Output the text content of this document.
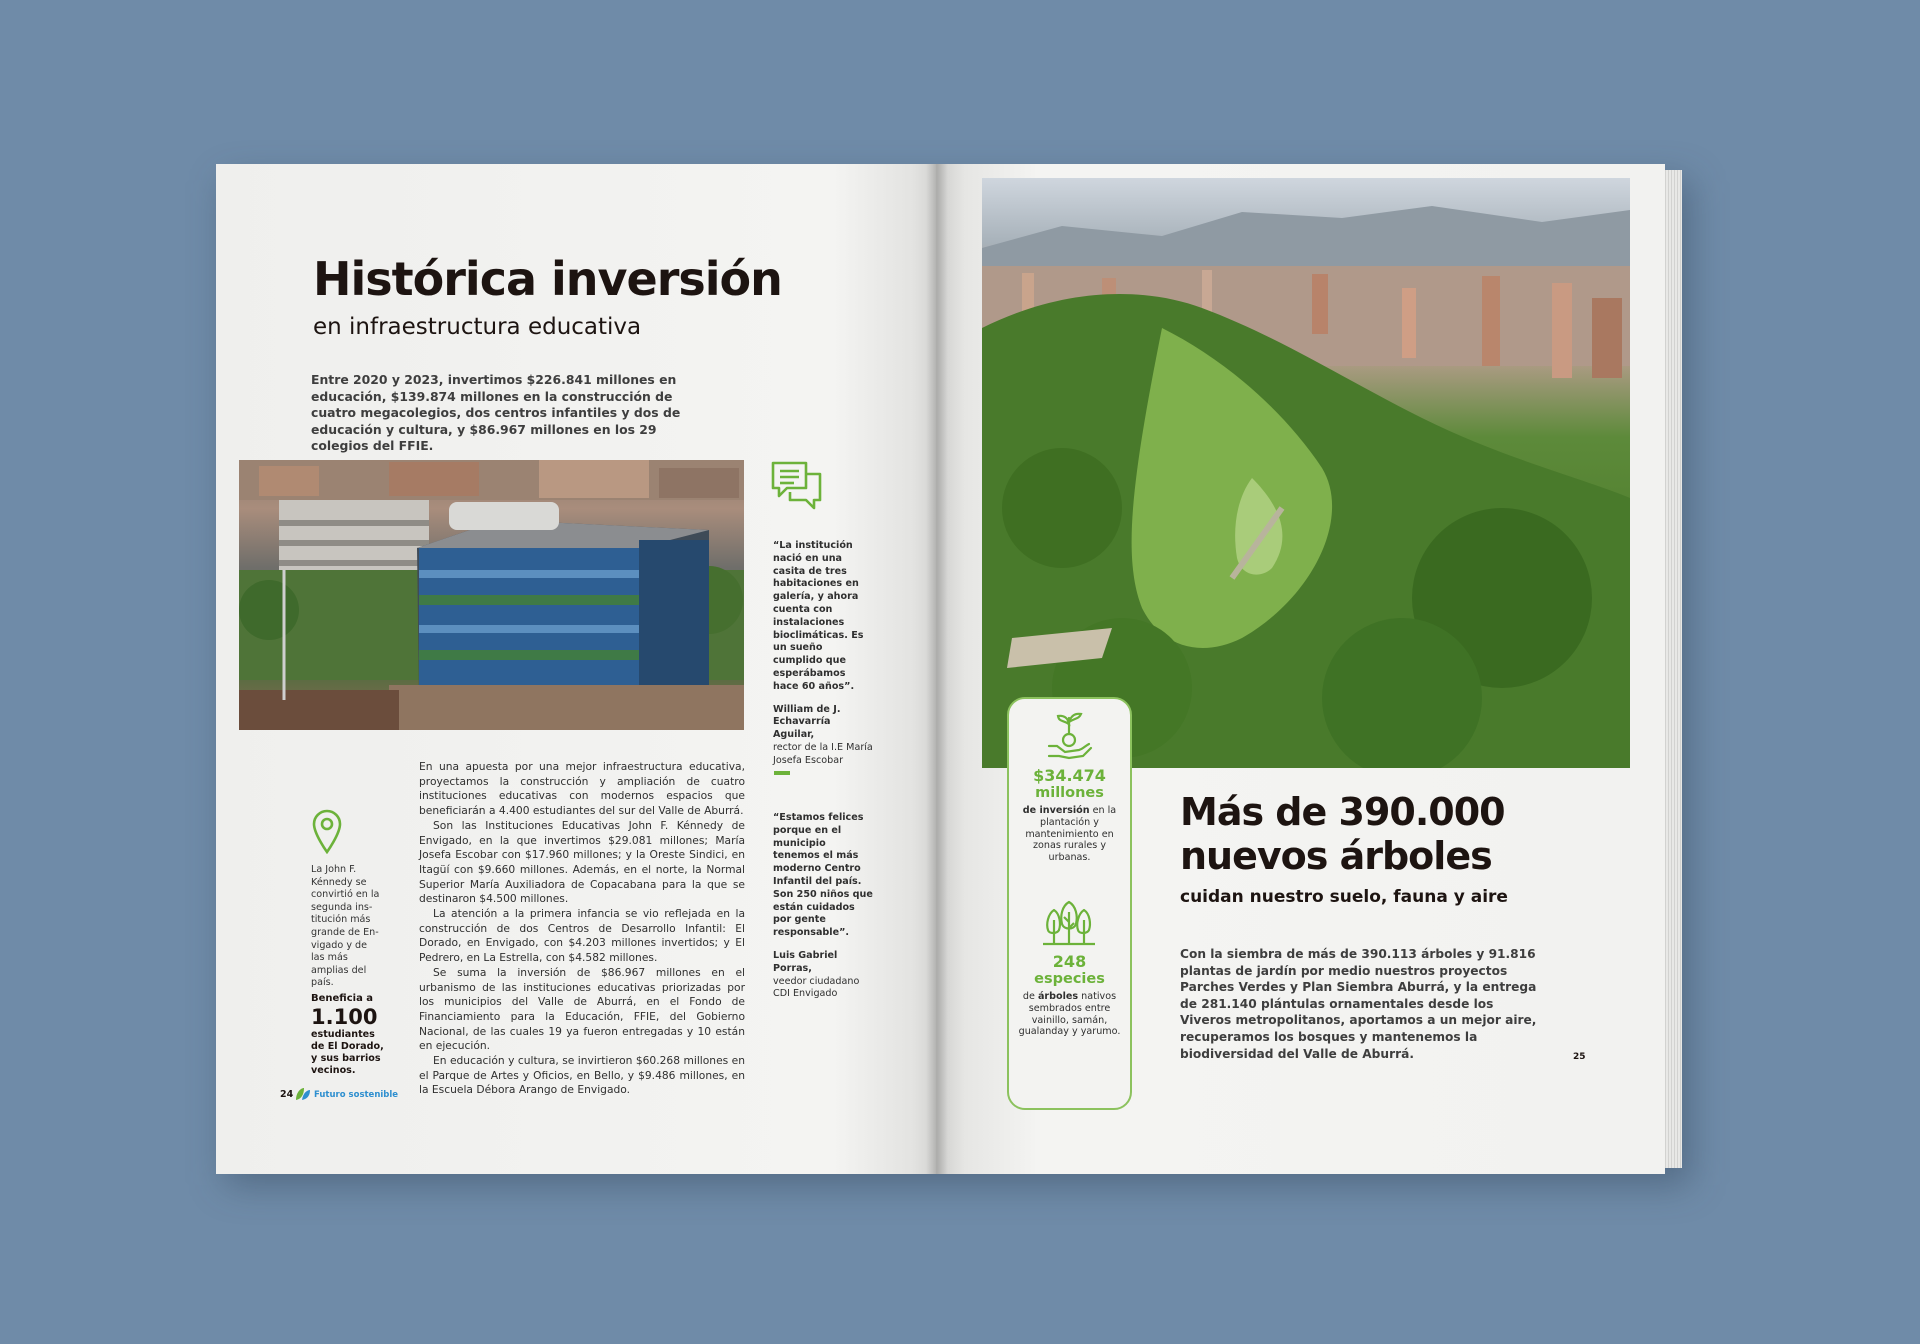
Histórica inversión
en infraestructura educativa
Entre 2020 y 2023, invertimos $226.841 millones en educación, $139.874 millones en la construcción de cuatro megacolegios, dos centros infantiles y dos de educación y cultura, y $86.967 millones en los 29 colegios del FFIE.
“La institución nació en una casita de tres habitaciones en galería, y ahora cuenta con instalaciones bioclimáticas. Es un sueño cumplido que esperábamos hace 60 años”.
William de J. Echavarría Aguilar,
rector de la I.E María Josefa Escobar
“Estamos felices porque en el municipio tenemos el más moderno Centro Infantil del país. Son 250 niños que están cuidados por gente responsable”.
Luis Gabriel Porras,
veedor ciudadano CDI Envigado

En una apuesta por una mejor infraestructura educativa, proyectamos la construcción y ampliación de cuatro instituciones educativas con modernos espacios que beneficiarán a 4.400 estudiantes del sur del Valle de Aburrá.

Son las Instituciones Educativas John F. Kénnedy de Envigado, en la que invertimos $29.081 millones; María Josefa Escobar con $17.960 millones; y la Oreste Sindici, en Itagüí con $9.660 millones. Además, en el norte, la Normal Superior María Auxiliadora de Copacabana para la que se destinaron $4.500 millones.

La atención a la primera infancia se vio reflejada en la construcción de dos Centros de Desarrollo Infantil: El Dorado, en Envigado, con $4.203 millones invertidos; y El Pedrero, en La Estrella, con $4.582 millones.

Se suma la inversión de $86.967 millones en el urbanismo de las instituciones educativas priorizadas por los municipios del Valle de Aburrá, en el Fondo de Financiamiento para la Educación, FFIE, del Gobierno Nacional, de las cuales 19 ya fueron entregadas y 10 están en ejecución.

En educación y cultura, se invirtieron $60.268 millones en el Parque de Artes y Oficios, en Bello, y $9.486 millones, en la Escuela Débora Arango de Envigado.

La John F. Kénnedy se convirtió en la segunda ins-titución más grande de En-vigado y de las más amplias del país.
Beneficia a
1.100
estudiantes de El Dorado, y sus barrios vecinos.
24 Futuro sostenible
$34.474
millones
de inversión en la plantación y mantenimiento en zonas rurales y urbanas.
248
especies
de árboles nativos sembrados entre vainillo, samán, gualanday y yarumo.
Más de 390.000
nuevos árboles
cuidan nuestro suelo, fauna y aire
Con la siembra de más de 390.113 árboles y 91.816 plantas de jardín por medio nuestros proyectos Parches Verdes y Plan Siembra Aburrá, y la entrega de 281.140 plántulas ornamentales desde los Viveros metropolitanos, aportamos a un mejor aire, recuperamos los bosques y mantenemos la biodiversidad del Valle de Aburrá.	25
